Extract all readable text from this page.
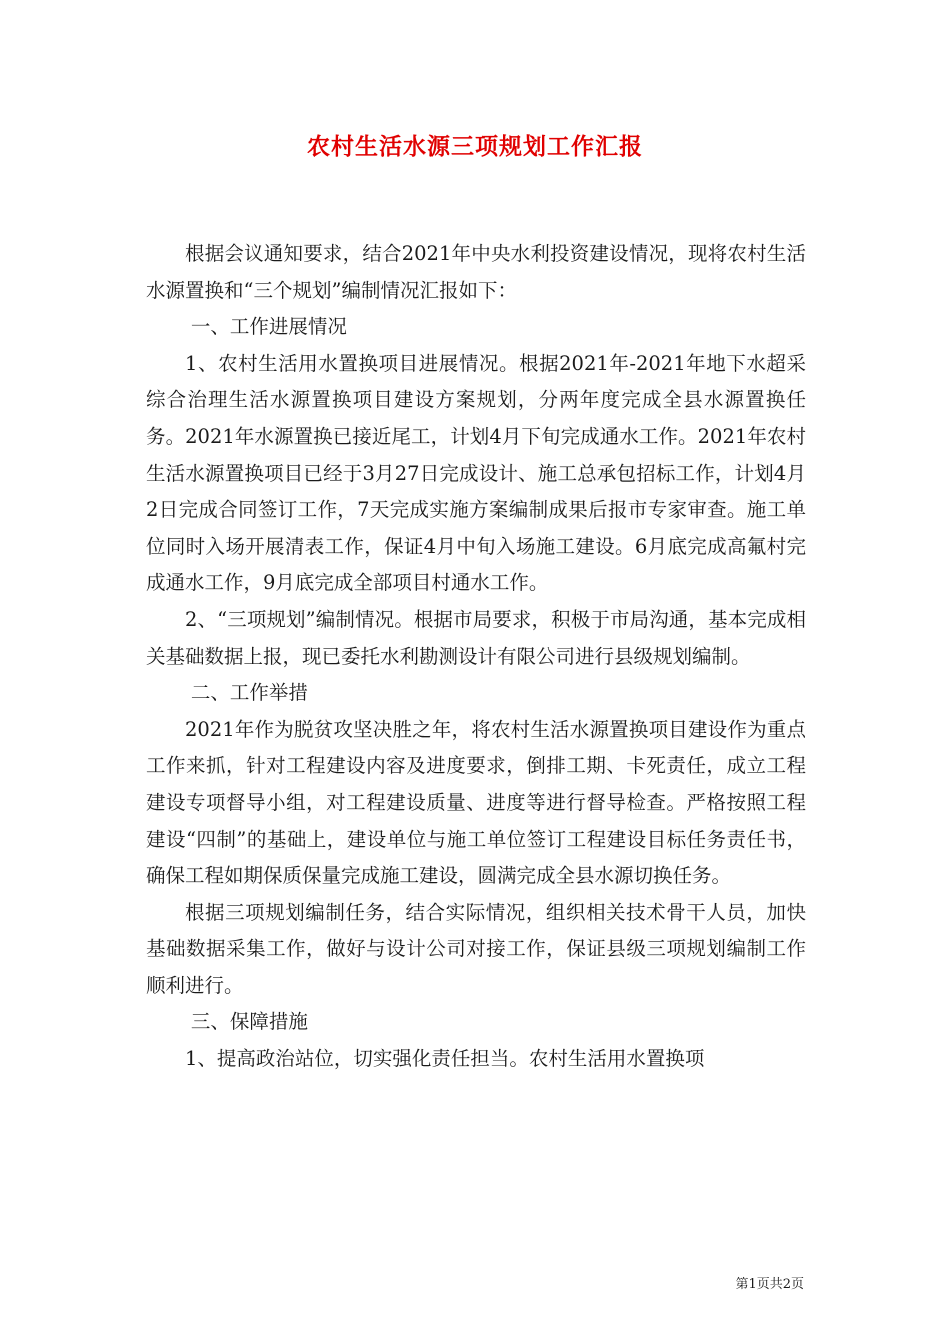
农村生活水源三项规划工作汇报

根据会议通知要求，结合2021年中央水利投资建设情况，现将农村生活水源置换和“三个规划”编制情况汇报如下：

一、工作进展情况

1、农村生活用水置换项目进展情况。根据2021年-2021年地下水超采综合治理生活水源置换项目建设方案规划，分两年度完成全县水源置换任务。2021年水源置换已接近尾工，计划4月下旬完成通水工作。2021年农村生活水源置换项目已经于3月27日完成设计、施工总承包招标工作，计划4月2日完成合同签订工作，7天完成实施方案编制成果后报市专家审查。施工单位同时入场开展清表工作，保证4月中旬入场施工建设。6月底完成高氟村完成通水工作，9月底完成全部项目村通水工作。

2、“三项规划”编制情况。根据市局要求，积极于市局沟通，基本完成相关基础数据上报，现已委托水利勘测设计有限公司进行县级规划编制。

二、工作举措

2021年作为脱贫攻坚决胜之年，将农村生活水源置换项目建设作为重点工作来抓，针对工程建设内容及进度要求，倒排工期、卡死责任，成立工程建设专项督导小组，对工程建设质量、进度等进行督导检查。严格按照工程建设“四制”的基础上，建设单位与施工单位签订工程建设目标任务责任书，确保工程如期保质保量完成施工建设，圆满完成全县水源切换任务。

根据三项规划编制任务，结合实际情况，组织相关技术骨干人员，加快基础数据采集工作，做好与设计公司对接工作，保证县级三项规划编制工作顺利进行。

三、保障措施

1、提高政治站位，切实强化责任担当。农村生活用水置换项

第1页共2页
